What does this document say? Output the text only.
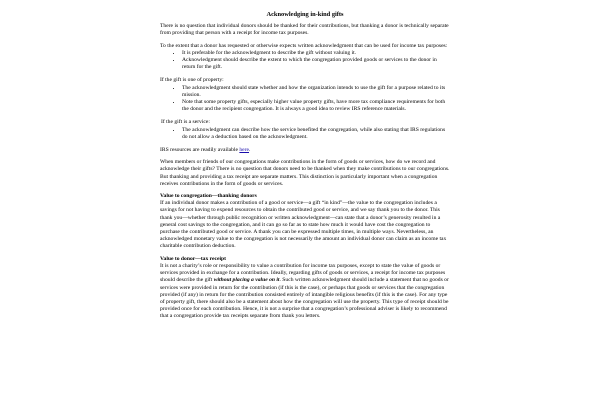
Acknowledging in-kind gifts

There is no question that individual donors should be thanked for their contributions, but thanking a donor is technically separate from providing that person with a receipt for income tax purposes.

To the extent that a donor has requested or otherwise expects written acknowledgment that can be used for income tax purposes:
• It is preferable for the acknowledgment to describe the gift without valuing it.
• Acknowledgment should describe the extent to which the congregation provided goods or services to the donor in return for the gift.
If the gift is one of property:
• The acknowledgment should state whether and how the organization intends to use the gift for a purpose related to its mission.
• Note that some property gifts, especially higher value property gifts, have more tax compliance requirements for both the donor and the recipient congregation. It is always a good idea to review IRS reference materials.
If the gift is a service:
• The acknowledgment can describe how the service benefited the congregation, while also stating that IRS regulations do not allow a deduction based on the acknowledgment.

IRS resources are readily available here.

When members or friends of our congregations make contributions in the form of goods or services, how do we record and acknowledge their gifts? There is no question that donors need to be thanked when they make contributions to our congregations. But thanking and providing a tax receipt are separate matters. This distinction is particularly important when a congregation receives contributions in the form of goods or services.

Value to congregation—thanking donors

If an individual donor makes a contribution of a good or service—a gift “in kind”—the value to the congregation includes a savings for not having to expend resources to obtain the contributed good or service, and we say thank you to the donor. This thank you—whether through public recognition or written acknowledgment—can state that a donor’s generosity resulted in a general cost savings to the congregation, and it can go so far as to state how much it would have cost the congregation to purchase the contributed good or service. A thank you can be expressed multiple times, in multiple ways. Nevertheless, an acknowledged monetary value to the congregation is not necessarily the amount an individual donor can claim as an income tax charitable contribution deduction.

Value to donor—tax receipt

It is not a charity’s role or responsibility to value a contribution for income tax purposes, except to state the value of goods or services provided in exchange for a contribution. Ideally, regarding gifts of goods or services, a receipt for income tax purposes should describe the gift without placing a value on it. Such written acknowledgment should include a statement that no goods or services were provided in return for the contribution (if this is the case), or perhaps that goods or services that the congregation provided (if any) in return for the contribution consisted entirely of intangible religious benefits (if this is the case). For any type of property gift, there should also be a statement about how the congregation will use the property. This type of receipt should be provided once for each contribution. Hence, it is not a surprise that a congregation’s professional adviser is likely to recommend that a congregation provide tax receipts separate from thank you letters.
